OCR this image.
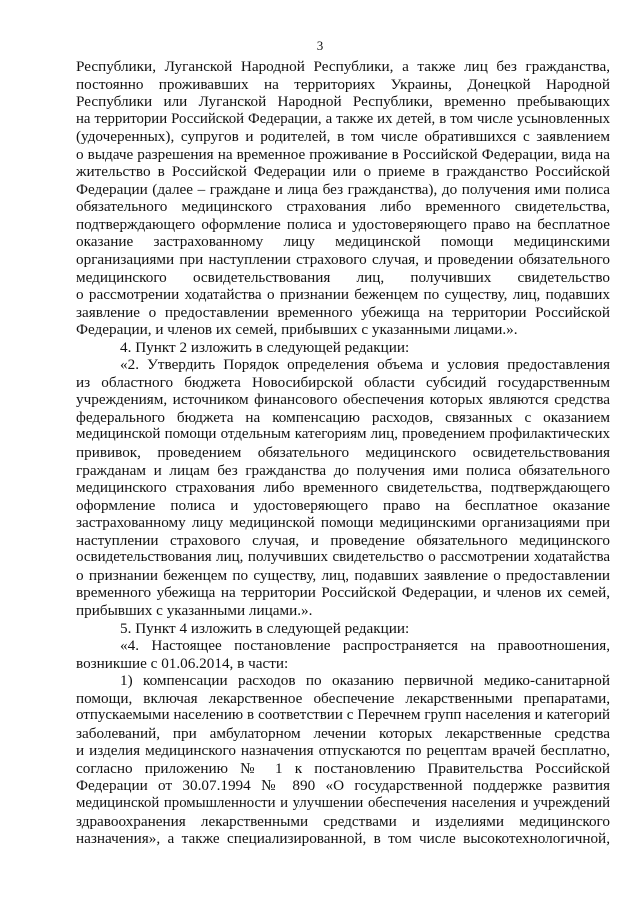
3
Республики, Луганской Народной Республики, а также лиц без гражданства,
постоянно проживавших на территориях Украины, Донецкой Народной
Республики или Луганской Народной Республики, временно пребывающих
на территории Российской Федерации, а также их детей, в том числе усыновленных
(удочеренных), супругов и родителей, в том числе обратившихся с заявлением
о выдаче разрешения на временное проживание в Российской Федерации, вида на
жительство в Российской Федерации или о приеме в гражданство Российской
Федерации (далее – граждане и лица без гражданства), до получения ими полиса
обязательного медицинского страхования либо временного свидетельства,
подтверждающего оформление полиса и удостоверяющего право на бесплатное
оказание застрахованному лицу медицинской помощи медицинскими
организациями при наступлении страхового случая, и проведении обязательного
медицинского освидетельствования лиц, получивших свидетельство
о рассмотрении ходатайства о признании беженцем по существу, лиц, подавших
заявление о предоставлении временного убежища на территории Российской
Федерации, и членов их семей, прибывших с указанными лицами.».
4. Пункт 2 изложить в следующей редакции:
«2. Утвердить Порядок определения объема и условия предоставления
из областного бюджета Новосибирской области субсидий государственным
учреждениям, источником финансового обеспечения которых являются средства
федерального бюджета на компенсацию расходов, связанных с оказанием
медицинской помощи отдельным категориям лиц, проведением профилактических
прививок, проведением обязательного медицинского освидетельствования
гражданам и лицам без гражданства до получения ими полиса обязательного
медицинского страхования либо временного свидетельства, подтверждающего
оформление полиса и удостоверяющего право на бесплатное оказание
застрахованному лицу медицинской помощи медицинскими организациями при
наступлении страхового случая, и проведение обязательного медицинского
освидетельствования лиц, получивших свидетельство о рассмотрении ходатайства
о признании беженцем по существу, лиц, подавших заявление о предоставлении
временного убежища на территории Российской Федерации, и членов их семей,
прибывших с указанными лицами.».
5. Пункт 4 изложить в следующей редакции:
«4. Настоящее постановление распространяется на правоотношения,
возникшие с 01.06.2014, в части:
1) компенсации расходов по оказанию первичной медико-санитарной
помощи, включая лекарственное обеспечение лекарственными препаратами,
отпускаемыми населению в соответствии с Перечнем групп населения и категорий
заболеваний, при амбулаторном лечении которых лекарственные средства
и изделия медицинского назначения отпускаются по рецептам врачей бесплатно,
согласно приложению № 1 к постановлению Правительства Российской
Федерации от 30.07.1994 № 890 «О государственной поддержке развития
медицинской промышленности и улучшении обеспечения населения и учреждений
здравоохранения лекарственными средствами и изделиями медицинского
назначения», а также специализированной, в том числе высокотехнологичной,
